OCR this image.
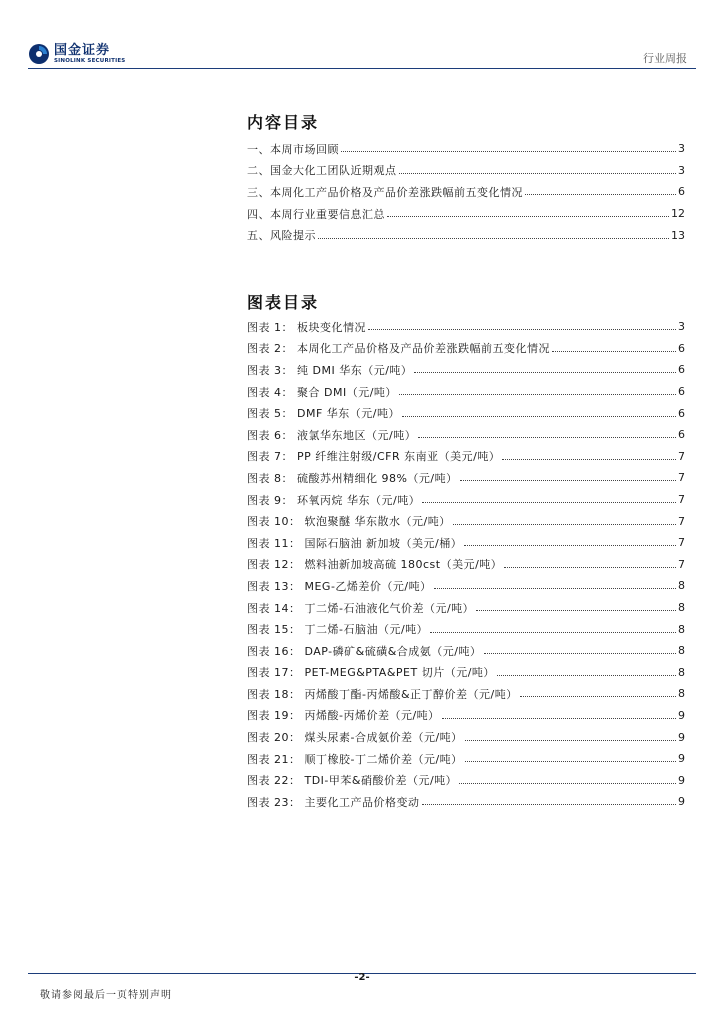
国金证券
SINOLINK SECURITIES	行业周报
内容目录
一、本周市场回顾	3
二、国金大化工团队近期观点	3
三、本周化工产品价格及产品价差涨跌幅前五变化情况	6
四、本周行业重要信息汇总	12
五、风险提示	13
图表目录
图表 1： 板块变化情况	3
图表 2： 本周化工产品价格及产品价差涨跌幅前五变化情况	6
图表 3： 纯 DMI 华东（元/吨）	6
图表 4： 聚合 DMI（元/吨）	6
图表 5： DMF 华东（元/吨）	6
图表 6： 液氯华东地区（元/吨）	6
图表 7： PP 纤维注射级/CFR 东南亚（美元/吨）	7
图表 8： 硫酸苏州精细化 98%（元/吨）	7
图表 9： 环氧丙烷 华东（元/吨）	7
图表 10： 软泡聚醚 华东散水（元/吨）	7
图表 11： 国际石脑油 新加坡（美元/桶）	7
图表 12： 燃料油新加坡高硫 180cst（美元/吨）	7
图表 13： MEG-乙烯差价（元/吨）	8
图表 14： 丁二烯-石油液化气价差（元/吨）	8
图表 15： 丁二烯-石脑油（元/吨）	8
图表 16： DAP-磷矿&硫磺&合成氨（元/吨）	8
图表 17： PET-MEG&PTA&PET 切片（元/吨）	8
图表 18： 丙烯酸丁酯-丙烯酸&正丁醇价差（元/吨）	8
图表 19： 丙烯酸-丙烯价差（元/吨）	9
图表 20： 煤头尿素-合成氨价差（元/吨）	9
图表 21： 顺丁橡胶-丁二烯价差（元/吨）	9
图表 22： TDI-甲苯&硝酸价差（元/吨）	9
图表 23： 主要化工产品价格变动	9
-2-
敬请参阅最后一页特别声明
